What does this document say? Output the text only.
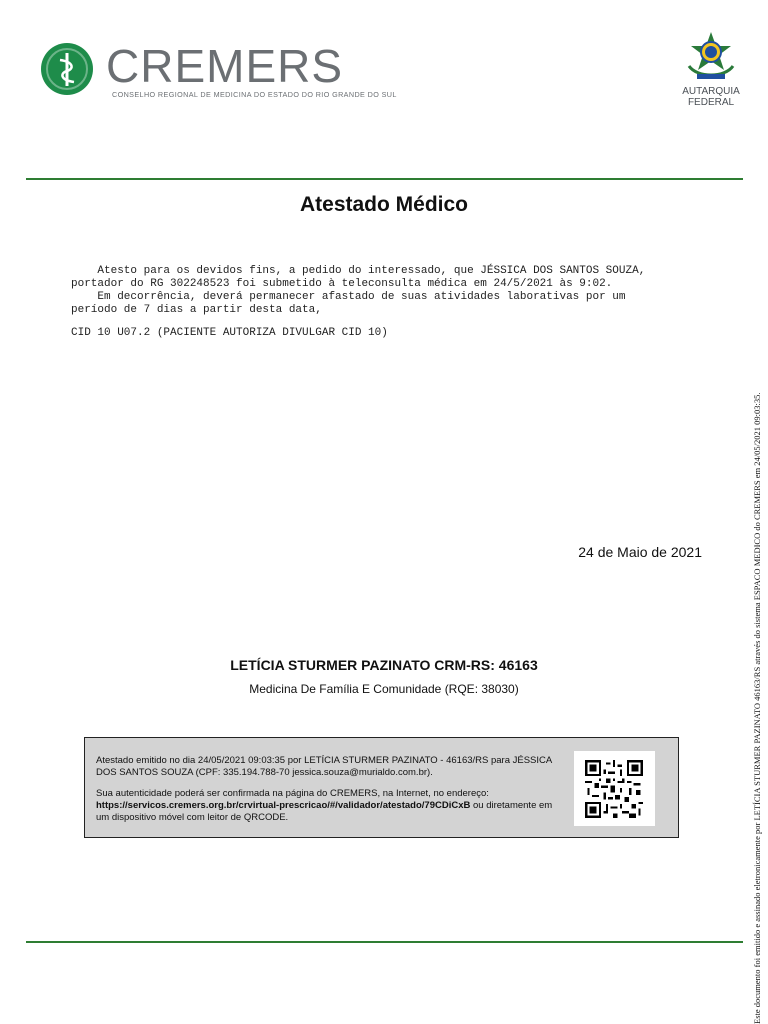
CREMERS
CONSELHO REGIONAL DE MEDICINA DO ESTADO DO RIO GRANDE DO SUL	AUTARQUIA FEDERAL
Atestado Médico
Atesto para os devidos fins, a pedido do interessado, que JÉSSICA DOS SANTOS SOUZA,
portador do RG 302248523 foi submetido à teleconsulta médica em 24/5/2021 às 9:02.
Em decorrência, deverá permanecer afastado de suas atividades laborativas por um
período de 7 dias a partir desta data,
CID 10 U07.2 (PACIENTE AUTORIZA DIVULGAR CID 10)
24 de Maio de 2021
LETÍCIA STURMER PAZINATO CRM-RS: 46163
Medicina De Família E Comunidade (RQE: 38030)
Atestado emitido no dia 24/05/2021 09:03:35 por LETÍCIA STURMER PAZINATO - 46163/RS para JÉSSICA DOS SANTOS SOUZA (CPF: 335.194.788-70 jessica.souza@murialdo.com.br).
Sua autenticidade poderá ser confirmada na página do CREMERS, na Internet, no endereço:
https://servicos.cremers.org.br/crvirtual-prescricao/#/validador/atestado/79CDiCxB ou diretamente em um dispositivo móvel com leitor de QRCODE.	Este documento foi emitido e assinado eletronicamente por LETÍCIA STURMER PAZINATO 46163/RS através do sistema ESPACO MEDICO do CREMERS em 24/05/2021 09:03:35.
